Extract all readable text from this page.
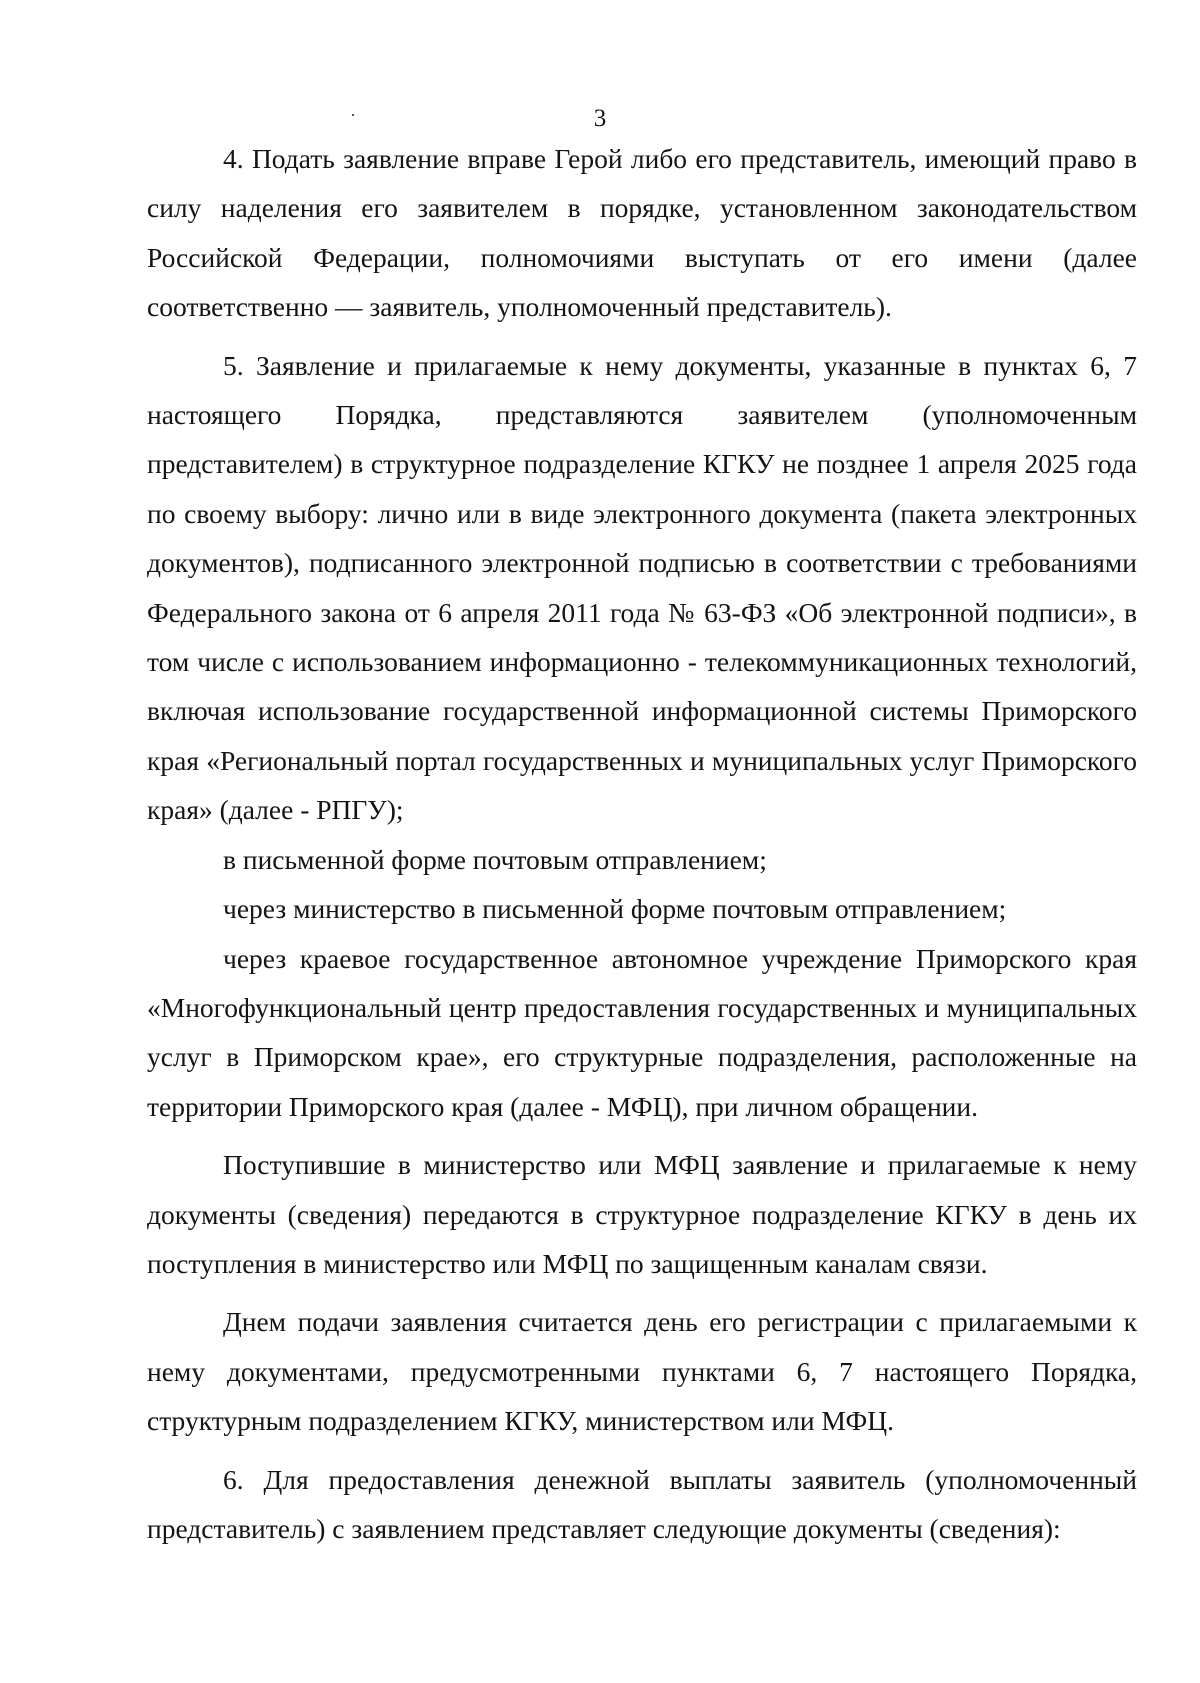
3

4. Подать заявление вправе Герой либо его представитель, имеющий право в силу наделения его заявителем в порядке, установленном законодательством Российской Федерации, полномочиями выступать от его имени (далее соответственно — заявитель, уполномоченный представитель).

5. Заявление и прилагаемые к нему документы, указанные в пунктах 6, 7 настоящего Порядка, представляются заявителем (уполномоченным представителем) в структурное подразделение КГКУ не позднее 1 апреля 2025 года по своему выбору: лично или в виде электронного документа (пакета электронных документов), подписанного электронной подписью в соответствии с требованиями Федерального закона от 6 апреля 2011 года № 63-ФЗ «Об электронной подписи», в том числе с использованием информационно - телекоммуникационных технологий, включая использование государственной информационной системы Приморского края «Региональный портал государственных и муниципальных услуг Приморского края» (далее - РПГУ);

в письменной форме почтовым отправлением;

через министерство в письменной форме почтовым отправлением;

через краевое государственное автономное учреждение Приморского края «Многофункциональный центр предоставления государственных и муниципальных услуг в Приморском крае», его структурные подразделения, расположенные на территории Приморского края (далее - МФЦ), при личном обращении.

Поступившие в министерство или МФЦ заявление и прилагаемые к нему документы (сведения) передаются в структурное подразделение КГКУ в день их поступления в министерство или МФЦ по защищенным каналам связи.

Днем подачи заявления считается день его регистрации с прилагаемыми к нему документами, предусмотренными пунктами 6, 7 настоящего Порядка, структурным подразделением КГКУ, министерством или МФЦ.

6. Для предоставления денежной выплаты заявитель (уполномоченный представитель) с заявлением представляет следующие документы (сведения):
